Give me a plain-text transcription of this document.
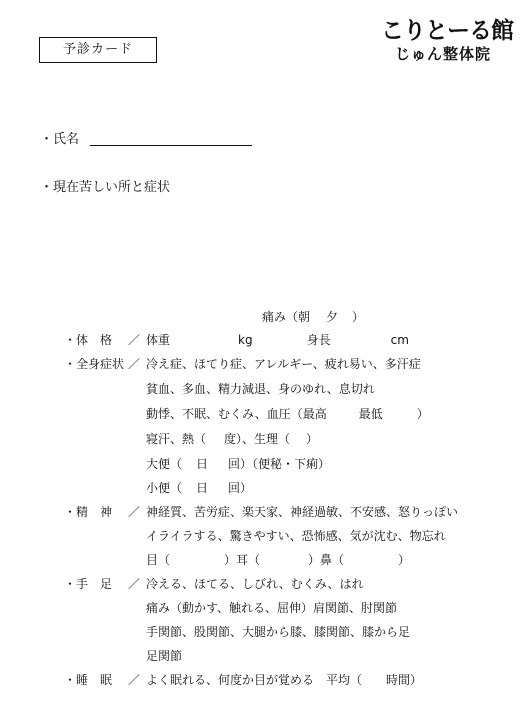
予診カード
こりとーる館
じゅん整体院
・氏名
・現在苦しい所と症状
痛み（朝 夕 ）
・体　格 ／ 体重	kg	身長	cm
・全身症状 ／ 冷え症、ほてり症、アレルギー、疲れ易い、多汗症
貧血、多血、精力減退、身のゆれ、息切れ
動悸、不眠、むくみ、血圧（最高	最低	）
寝汗、熱（ 度）、生理（ ）
大便（ 日 回）（便秘・下痢）
小便（ 日 回）
・精　神 ／ 神経質、苦労症、楽天家、神経過敏、不安感、怒りっぽい
イライラする、驚きやすい、恐怖感、気が沈む、物忘れ
目（	）耳（	）鼻（	）
・手　足 ／ 冷える、ほてる、しびれ、むくみ、はれ
痛み（動かす、触れる、屈伸）肩関節、肘関節
手関節、股関節、大腿から膝、膝関節、膝から足
足関節
・睡　眠 ／ よく眠れる、何度か目が覚める　平均（ 時間）
